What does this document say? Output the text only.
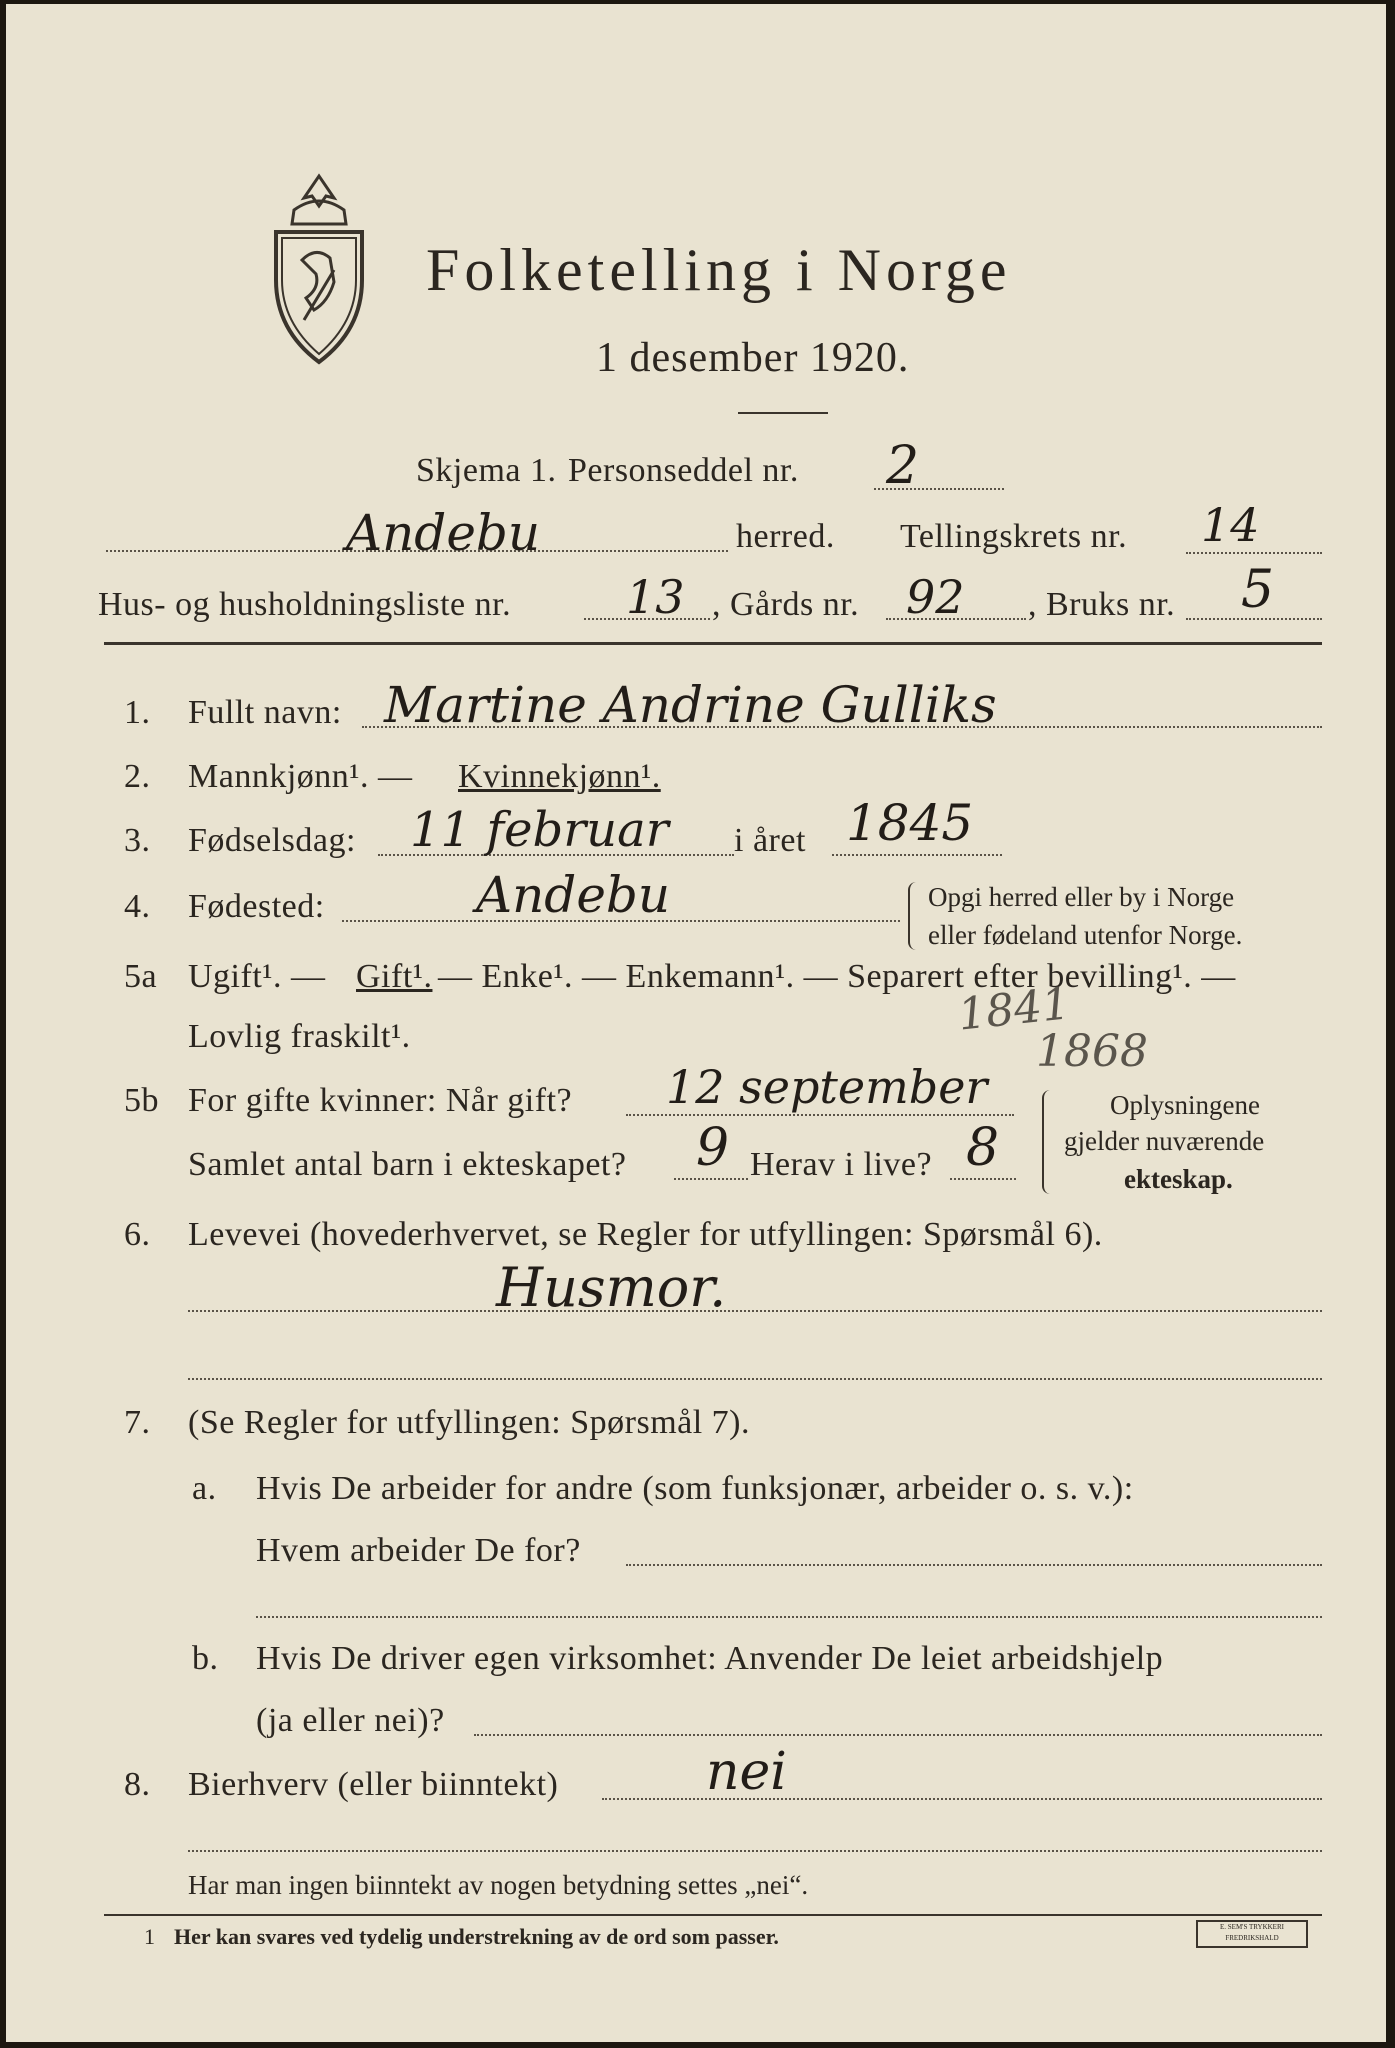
Folketelling i Norge
1 desember 1920.
Skjema 1. Personseddel nr. 2
Andebu	herred. Tellingskrets nr. 14
Hus- og husholdningsliste nr. 13 , Gårds nr. 92 , Bruks nr. 5
1. Fullt navn: Martine Andrine Gulliks
2. Mannkjønn¹. — Kvinnekjønn¹.
3. Fødselsdag: 11 februar i året 1845
4. Fødested:	Andebu	Opgi herred eller by i Norge
eller fødeland utenfor Norge.
5a Ugift¹. — Gift¹. — Enke¹. — Enkemann¹. — Separert efter bevilling¹. —
1841
Lovlig fraskilt¹.
5b For gifte kvinner: Når gift? 12 september
1868
Samlet antal barn i ekteskapet? 9 Herav i live? 8
Oplysningene
gjelder nuværende
ekteskap.
6. Levevei (hovederhvervet, se Regler for utfyllingen: Spørsmål 6).
Husmor.
7. (Se Regler for utfyllingen: Spørsmål 7).
a. Hvis De arbeider for andre (som funksjonær, arbeider o. s. v.):
Hvem arbeider De for?
b. Hvis De driver egen virksomhet: Anvender De leiet arbeidshjelp
(ja eller nei)?
8. Bierhverv (eller biinntekt)	nei
Har man ingen biinntekt av nogen betydning settes „nei“.
1 Her kan svares ved tydelig understrekning av de ord som passer.	E. SEM'S TRYKKERI FREDRIKSHALD
